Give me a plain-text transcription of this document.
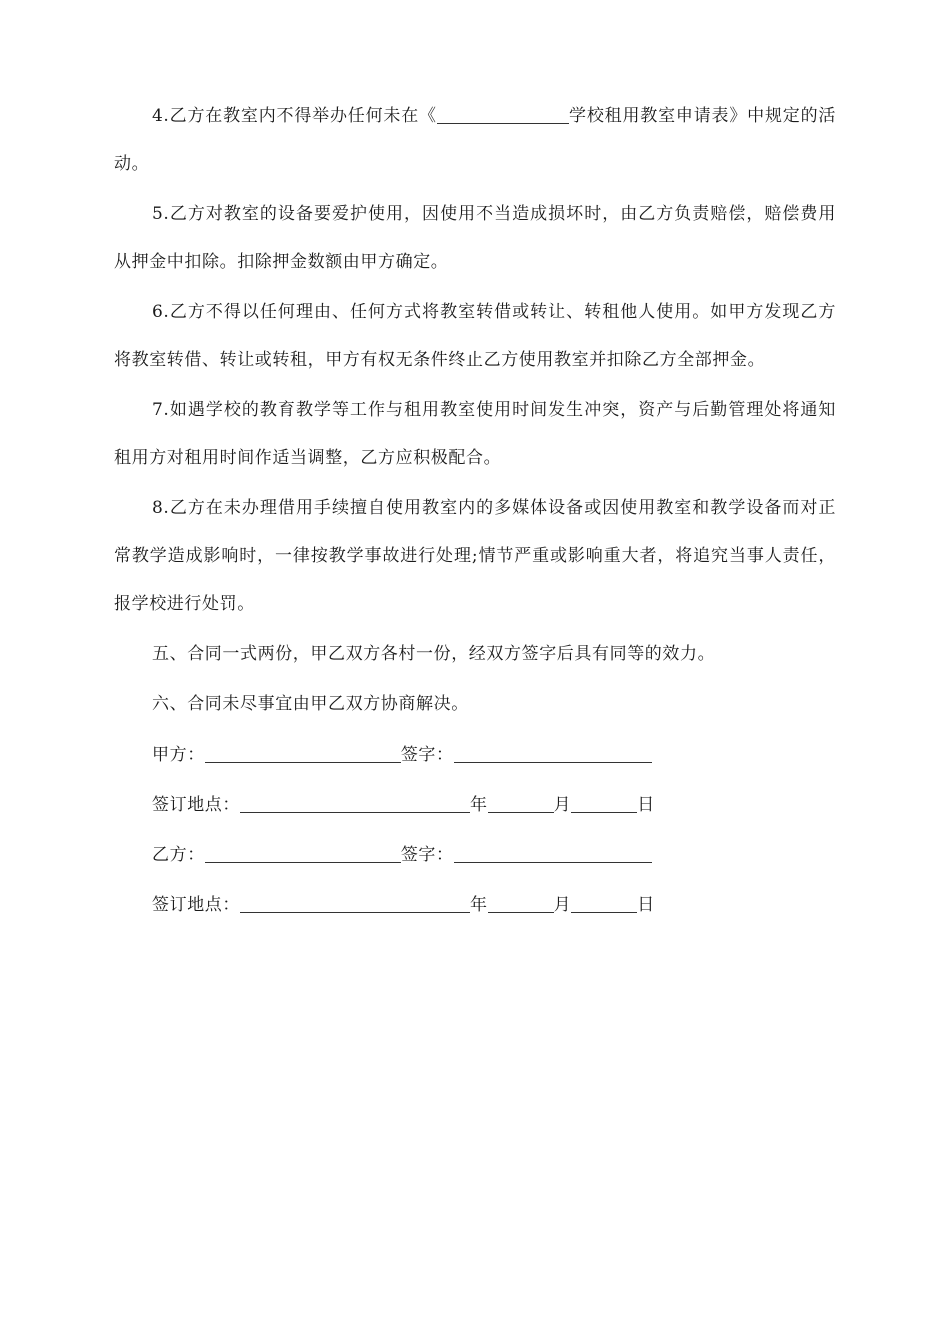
4.乙方在教室内不得举办任何未在《	学校租用教室申请表》中规定的活动。

5.乙方对教室的设备要爱护使用，因使用不当造成损坏时，由乙方负责赔偿，赔偿费用从押金中扣除。扣除押金数额由甲方确定。

6.乙方不得以任何理由、任何方式将教室转借或转让、转租他人使用。如甲方发现乙方将教室转借、转让或转租，甲方有权无条件终止乙方使用教室并扣除乙方全部押金。

7.如遇学校的教育教学等工作与租用教室使用时间发生冲突，资产与后勤管理处将通知租用方对租用时间作适当调整，乙方应积极配合。

8.乙方在未办理借用手续擅自使用教室内的多媒体设备或因使用教室和教学设备而对正常教学造成影响时，一律按教学事故进行处理;情节严重或影响重大者，将追究当事人责任，报学校进行处罚。

五、合同一式两份，甲乙双方各村一份，经双方签字后具有同等的效力。

六、合同未尽事宜由甲乙双方协商解决。

甲方：	签字：
签订地点：	年	月	日
乙方：	签字：
签订地点：	年	月	日
